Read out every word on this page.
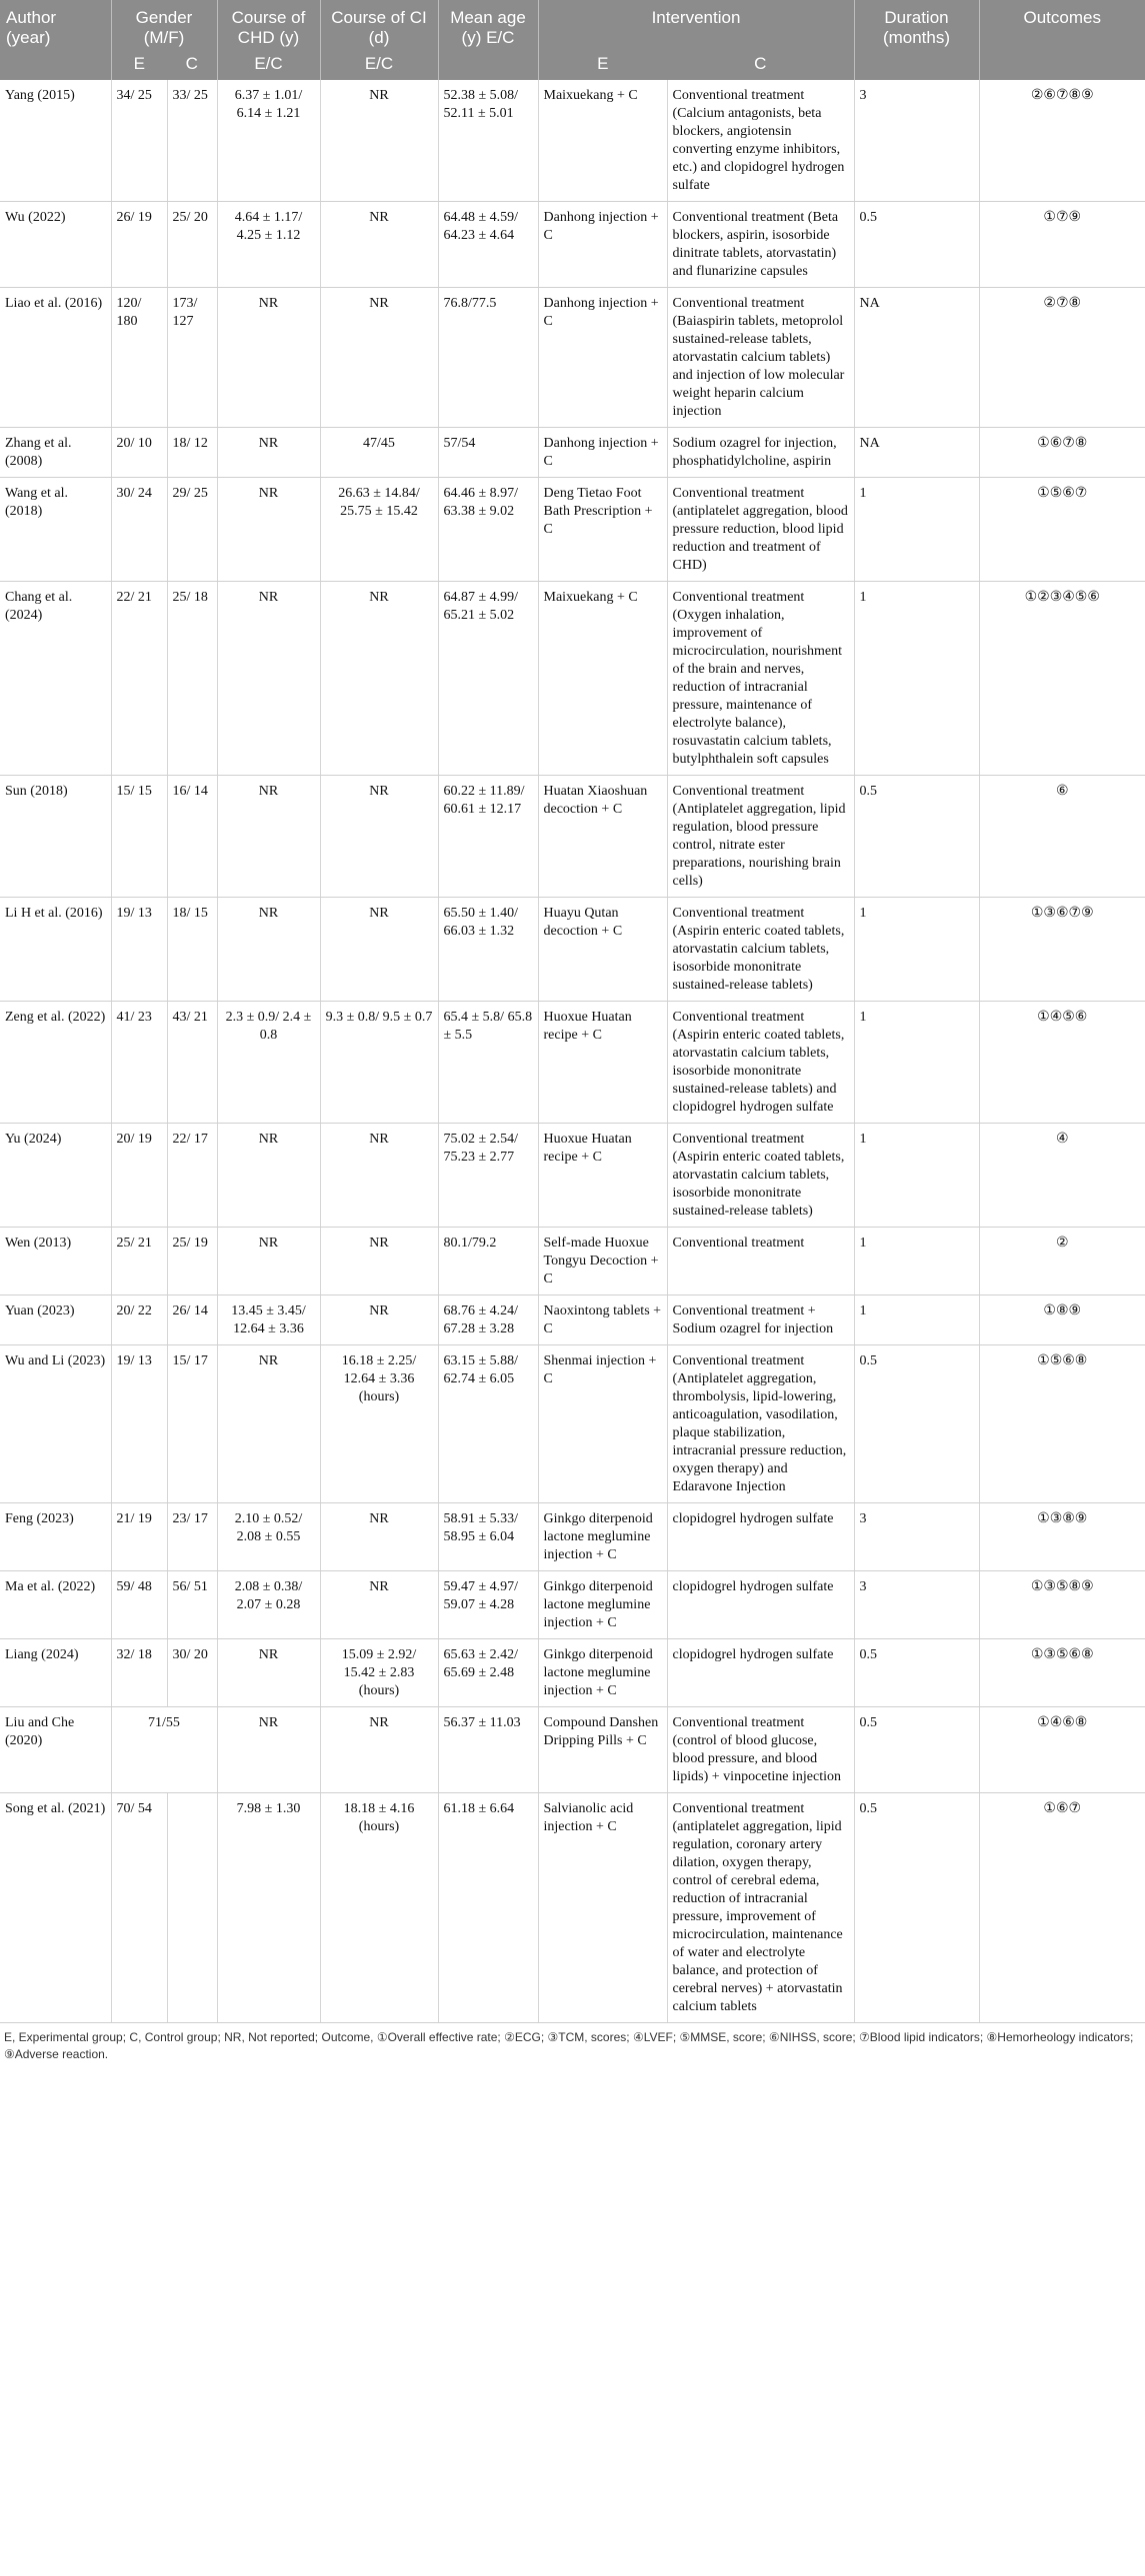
Author (year)	Gender (M/F)		Course of CHD (y)	Course of CI (d)	Mean age (y) E/C	Intervention		Duration (months)	Outcomes
	E	C	E/C	E/C		E	C		
Yang (2015)	34/ 25	33/ 25	6.37 ± 1.01/ 6.14 ± 1.21	NR	52.38 ± 5.08/ 52.11 ± 5.01	Maixuekang + C	Conventional treatment (Calcium antagonists, beta blockers, angiotensin converting enzyme inhibitors, etc.) and clopidogrel hydrogen sulfate	3	②⑥⑦⑧⑨
Wu (2022)	26/ 19	25/ 20	4.64 ± 1.17/ 4.25 ± 1.12	NR	64.48 ± 4.59/ 64.23 ± 4.64	Danhong injection + C	Conventional treatment (Beta blockers, aspirin, isosorbide dinitrate tablets, atorvastatin) and flunarizine capsules	0.5	①⑦⑨
Liao et al. (2016)	120/ 180	173/ 127	NR	NR	76.8/77.5	Danhong injection + C	Conventional treatment (Baiaspirin tablets, metoprolol sustained-release tablets, atorvastatin calcium tablets) and injection of low molecular weight heparin calcium injection	NA	②⑦⑧
Zhang et al. (2008)	20/ 10	18/ 12	NR	47/45	57/54	Danhong injection + C	Sodium ozagrel for injection, phosphatidylcholine, aspirin	NA	①⑥⑦⑧
Wang et al. (2018)	30/ 24	29/ 25	NR	26.63 ± 14.84/ 25.75 ± 15.42	64.46 ± 8.97/ 63.38 ± 9.02	Deng Tietao Foot Bath Prescription + C	Conventional treatment (antiplatelet aggregation, blood pressure reduction, blood lipid reduction and treatment of CHD)	1	①⑤⑥⑦
Chang et al. (2024)	22/ 21	25/ 18	NR	NR	64.87 ± 4.99/ 65.21 ± 5.02	Maixuekang + C	Conventional treatment (Oxygen inhalation, improvement of microcirculation, nourishment of the brain and nerves, reduction of intracranial pressure, maintenance of electrolyte balance), rosuvastatin calcium tablets, butylphthalein soft capsules	1	①②③④⑤⑥
Sun (2018)	15/ 15	16/ 14	NR	NR	60.22 ± 11.89/ 60.61 ± 12.17	Huatan Xiaoshuan decoction + C	Conventional treatment (Antiplatelet aggregation, lipid regulation, blood pressure control, nitrate ester preparations, nourishing brain cells)	0.5	⑥
Li H et al. (2016)	19/ 13	18/ 15	NR	NR	65.50 ± 1.40/ 66.03 ± 1.32	Huayu Qutan decoction + C	Conventional treatment (Aspirin enteric coated tablets, atorvastatin calcium tablets, isosorbide mononitrate sustained-release tablets)	1	①③⑥⑦⑨
Zeng et al. (2022)	41/ 23	43/ 21	2.3 ± 0.9/ 2.4 ± 0.8	9.3 ± 0.8/ 9.5 ± 0.7	65.4 ± 5.8/ 65.8 ± 5.5	Huoxue Huatan recipe + C	Conventional treatment (Aspirin enteric coated tablets, atorvastatin calcium tablets, isosorbide mononitrate sustained-release tablets) and clopidogrel hydrogen sulfate	1	①④⑤⑥
Yu (2024)	20/ 19	22/ 17	NR	NR	75.02 ± 2.54/ 75.23 ± 2.77	Huoxue Huatan recipe + C	Conventional treatment (Aspirin enteric coated tablets, atorvastatin calcium tablets, isosorbide mononitrate sustained-release tablets)	1	④
Wen (2013)	25/ 21	25/ 19	NR	NR	80.1/79.2	Self-made Huoxue Tongyu Decoction + C	Conventional treatment	1	②
Yuan (2023)	20/ 22	26/ 14	13.45 ± 3.45/ 12.64 ± 3.36	NR	68.76 ± 4.24/ 67.28 ± 3.28	Naoxintong tablets + C	Conventional treatment + Sodium ozagrel for injection	1	①⑧⑨
Wu and Li (2023)	19/ 13	15/ 17	NR	16.18 ± 2.25/ 12.64 ± 3.36 (hours)	63.15 ± 5.88/ 62.74 ± 6.05	Shenmai injection + C	Conventional treatment (Antiplatelet aggregation, thrombolysis, lipid-lowering, anticoagulation, vasodilation, plaque stabilization, intracranial pressure reduction, oxygen therapy) and Edaravone Injection	0.5	①⑤⑥⑧
Feng (2023)	21/ 19	23/ 17	2.10 ± 0.52/ 2.08 ± 0.55	NR	58.91 ± 5.33/ 58.95 ± 6.04	Ginkgo diterpenoid lactone meglumine injection + C	clopidogrel hydrogen sulfate	3	①③⑧⑨
Ma et al. (2022)	59/ 48	56/ 51	2.08 ± 0.38/ 2.07 ± 0.28	NR	59.47 ± 4.97/ 59.07 ± 4.28	Ginkgo diterpenoid lactone meglumine injection + C	clopidogrel hydrogen sulfate	3	①③⑤⑧⑨
Liang (2024)	32/ 18	30/ 20	NR	15.09 ± 2.92/ 15.42 ± 2.83 (hours)	65.63 ± 2.42/ 65.69 ± 2.48	Ginkgo diterpenoid lactone meglumine injection + C	clopidogrel hydrogen sulfate	0.5	①③⑤⑥⑧
Liu and Che (2020)	71/55		NR	NR	56.37 ± 11.03	Compound Danshen Dripping Pills + C	Conventional treatment (control of blood glucose, blood pressure, and blood lipids) + vinpocetine injection	0.5	①④⑥⑧
Song et al. (2021)	70/ 54		7.98 ± 1.30	18.18 ± 4.16 (hours)	61.18 ± 6.64	Salvianolic acid injection + C	Conventional treatment (antiplatelet aggregation, lipid regulation, coronary artery dilation, oxygen therapy, control of cerebral edema, reduction of intracranial pressure, improvement of microcirculation, maintenance of water and electrolyte balance, and protection of cerebral nerves) + atorvastatin calcium tablets	0.5	①⑥⑦
E, Experimental group; C, Control group; NR, Not reported; Outcome, ①Overall effective rate; ②ECG; ③TCM, scores; ④LVEF; ⑤MMSE, score; ⑥NIHSS, score; ⑦Blood lipid indicators; ⑧Hemorheology indicators; ⑨Adverse reaction.
